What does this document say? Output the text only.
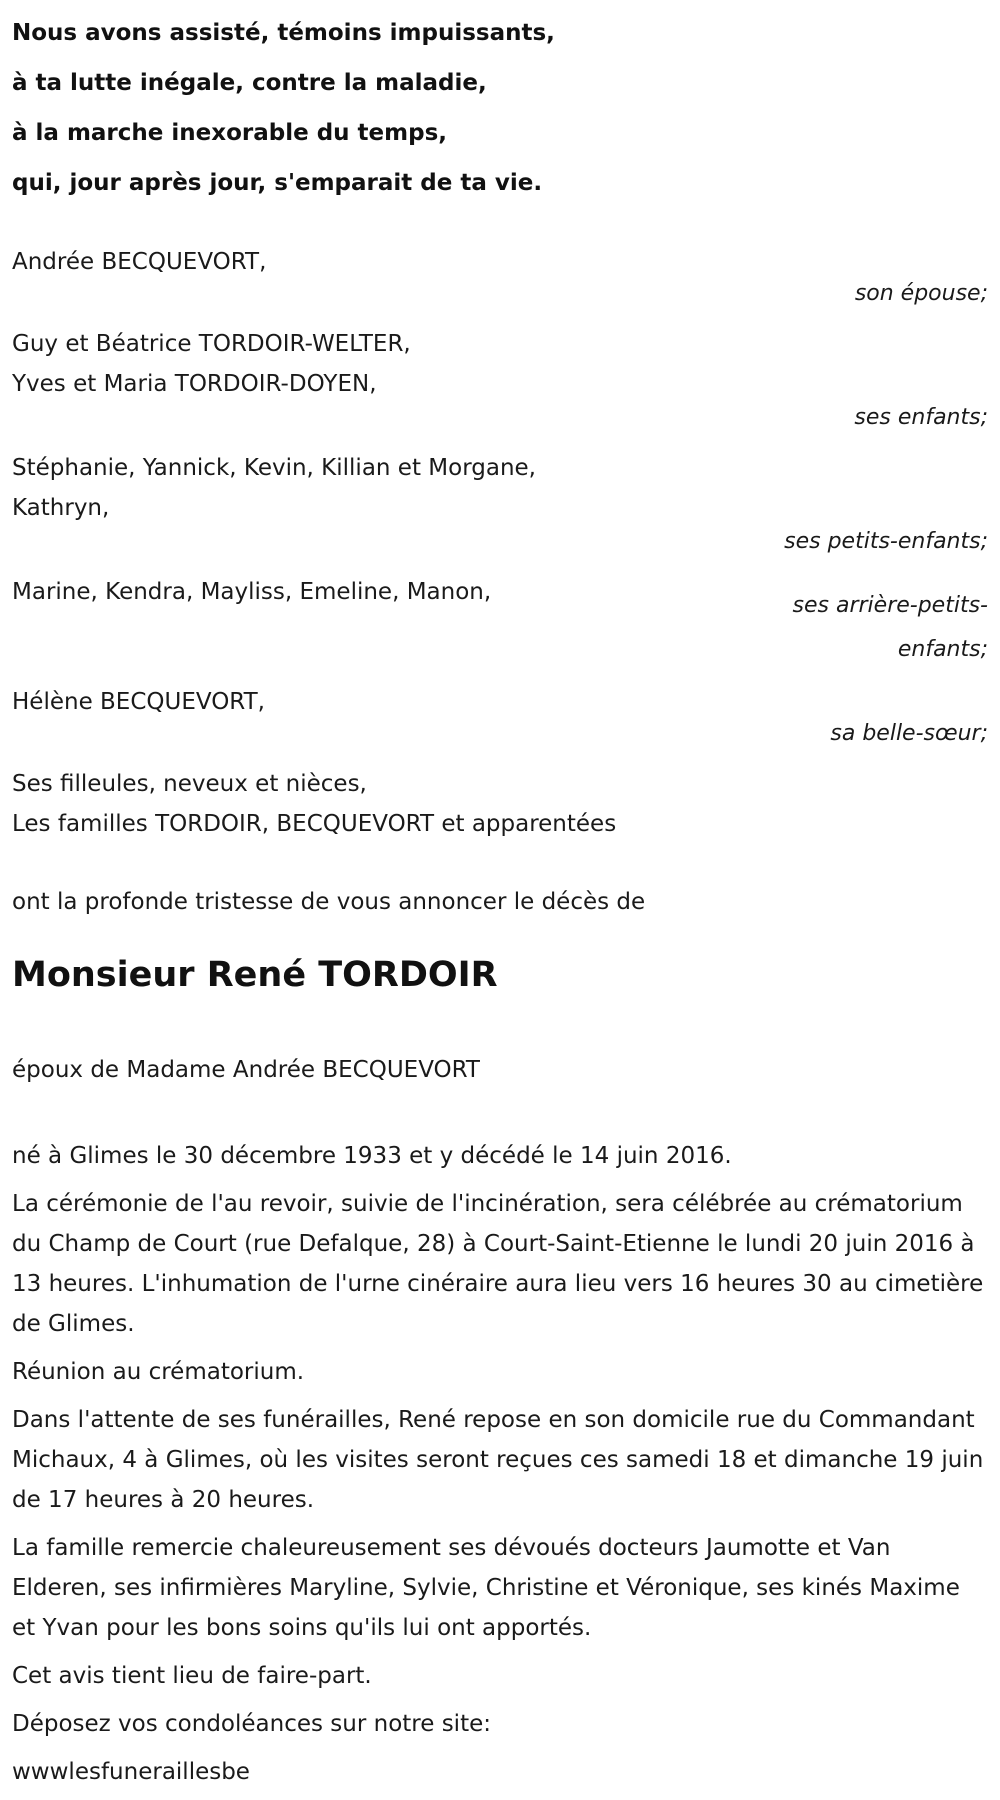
Nous avons assisté, témoins impuissants,
à ta lutte inégale, contre la maladie,
à la marche inexorable du temps,
qui, jour après jour, s'emparait de ta vie.
Andrée BECQUEVORT,
son épouse;
Guy et Béatrice TORDOIR-WELTER,
Yves et Maria TORDOIR-DOYEN,
ses enfants;
Stéphanie, Yannick, Kevin, Killian et Morgane,
Kathryn,
ses petits-enfants;
Marine, Kendra, Mayliss, Emeline, Manon,
ses arrière-petits-enfants;
Hélène BECQUEVORT,
sa belle-sœur;
Ses filleules, neveux et nièces,
Les familles TORDOIR, BECQUEVORT et apparentées
ont la profonde tristesse de vous annoncer le décès de
Monsieur René TORDOIR
époux de Madame Andrée BECQUEVORT

né à Glimes le 30 décembre 1933 et y décédé le 14 juin 2016.

La cérémonie de l'au revoir, suivie de l'incinération, sera célébrée au crématorium du Champ de Court (rue Defalque, 28) à Court-Saint-Etienne le lundi 20 juin 2016 à 13 heures. L'inhumation de l'urne cinéraire aura lieu vers 16 heures 30 au cimetière de Glimes.

Réunion au crématorium.

Dans l'attente de ses funérailles, René repose en son domicile rue du Commandant Michaux, 4 à Glimes, où les visites seront reçues ces samedi 18 et dimanche 19 juin de 17 heures à 20 heures.

La famille remercie chaleureusement ses dévoués docteurs Jaumotte et Van Elderen, ses infirmières Maryline, Sylvie, Christine et Véronique, ses kinés Maxime et Yvan pour les bons soins qu'ils lui ont apportés.

Cet avis tient lieu de faire-part.

Déposez vos condoléances sur notre site:

wwwlesfuneraillesbe
